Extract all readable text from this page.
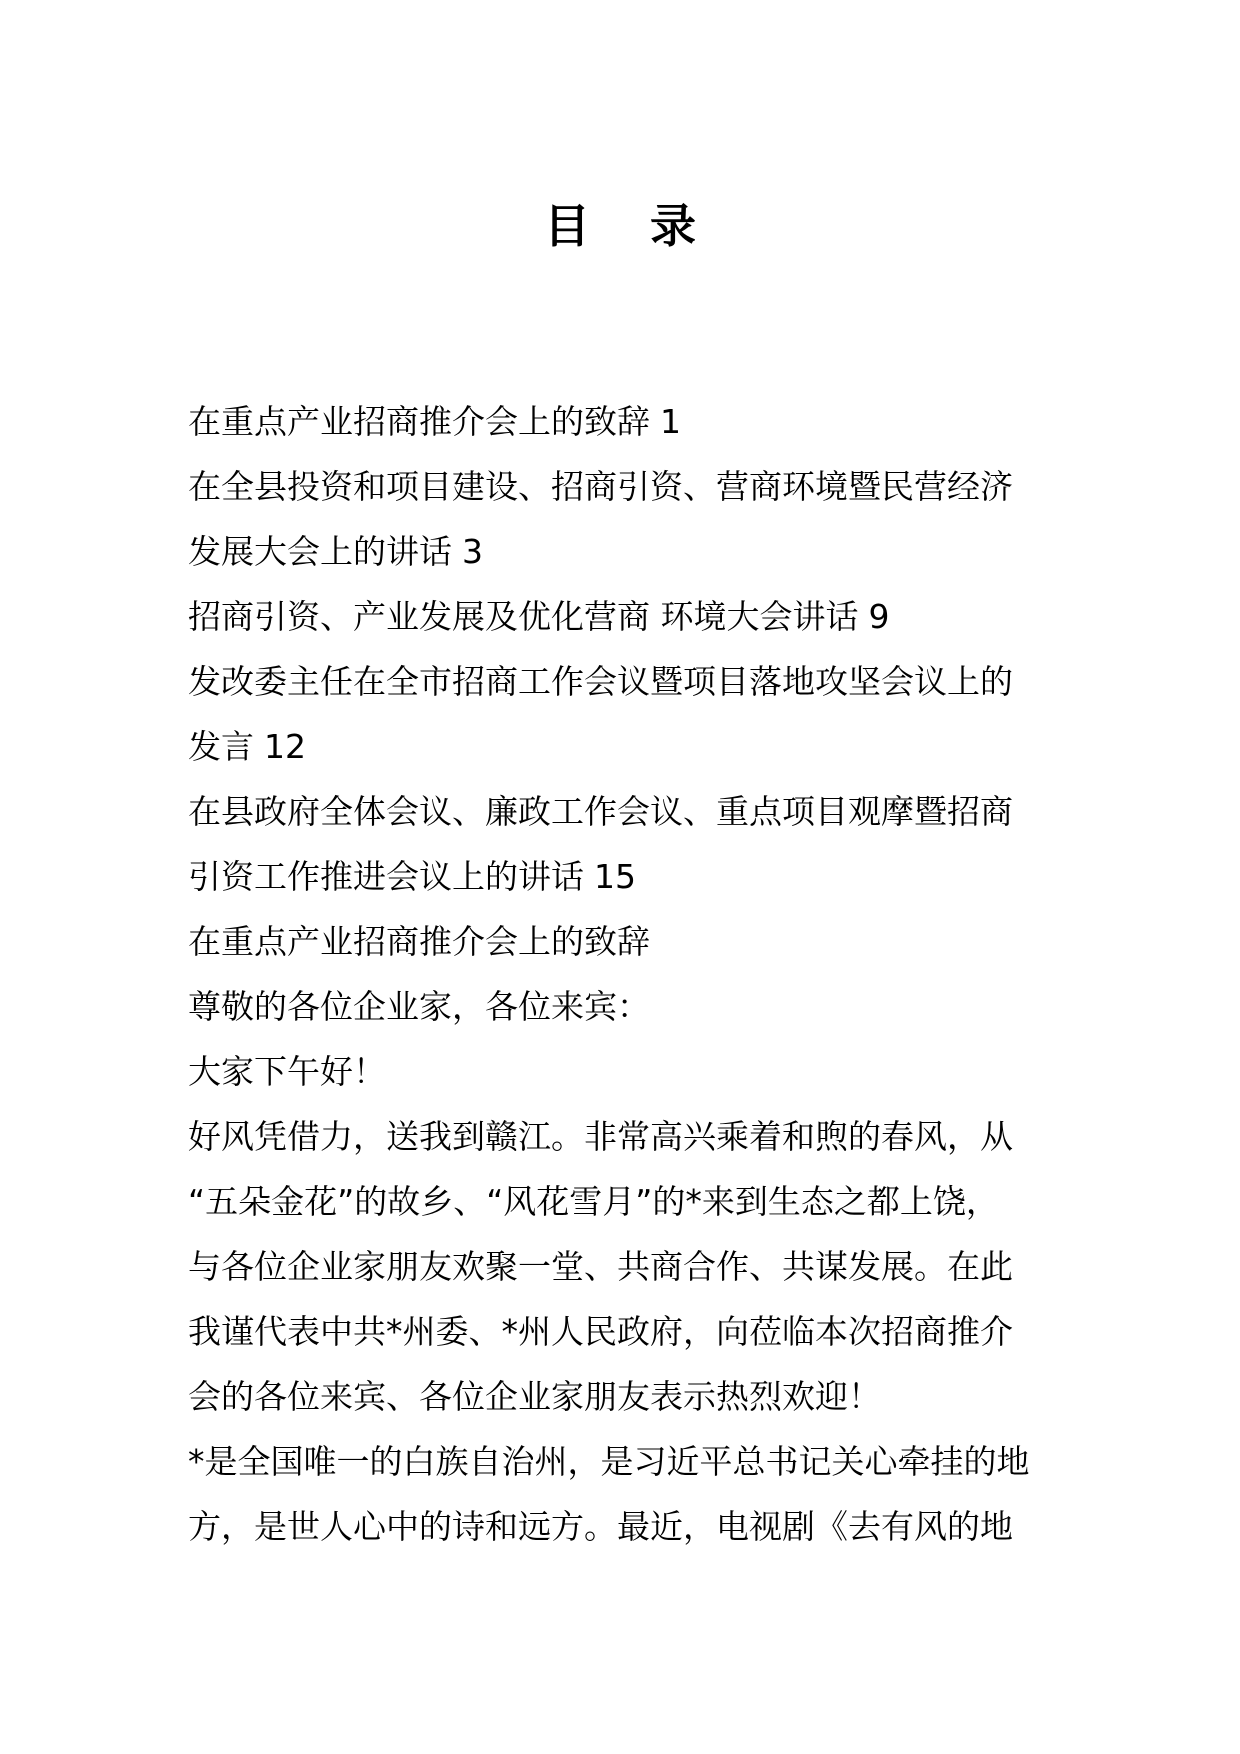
目 录
在重点产业招商推介会上的致辞 1
在全县投资和项目建设、招商引资、营商环境暨民营经济
发展大会上的讲话 3
招商引资、产业发展及优化营商 环境大会讲话 9
发改委主任在全市招商工作会议暨项目落地攻坚会议上的
发言 12
在县政府全体会议、廉政工作会议、重点项目观摩暨招商
引资工作推进会议上的讲话 15
在重点产业招商推介会上的致辞
尊敬的各位企业家，各位来宾：
大家下午好！
好风凭借力，送我到赣江。非常高兴乘着和煦的春风，从
“五朵金花”的故乡、“风花雪月”的*来到生态之都上饶，
与各位企业家朋友欢聚一堂、共商合作、共谋发展。在此
我谨代表中共*州委、*州人民政府，向莅临本次招商推介
会的各位来宾、各位企业家朋友表示热烈欢迎！
*是全国唯一的白族自治州，是习近平总书记关心牵挂的地
方，是世人心中的诗和远方。最近，电视剧《去有风的地
